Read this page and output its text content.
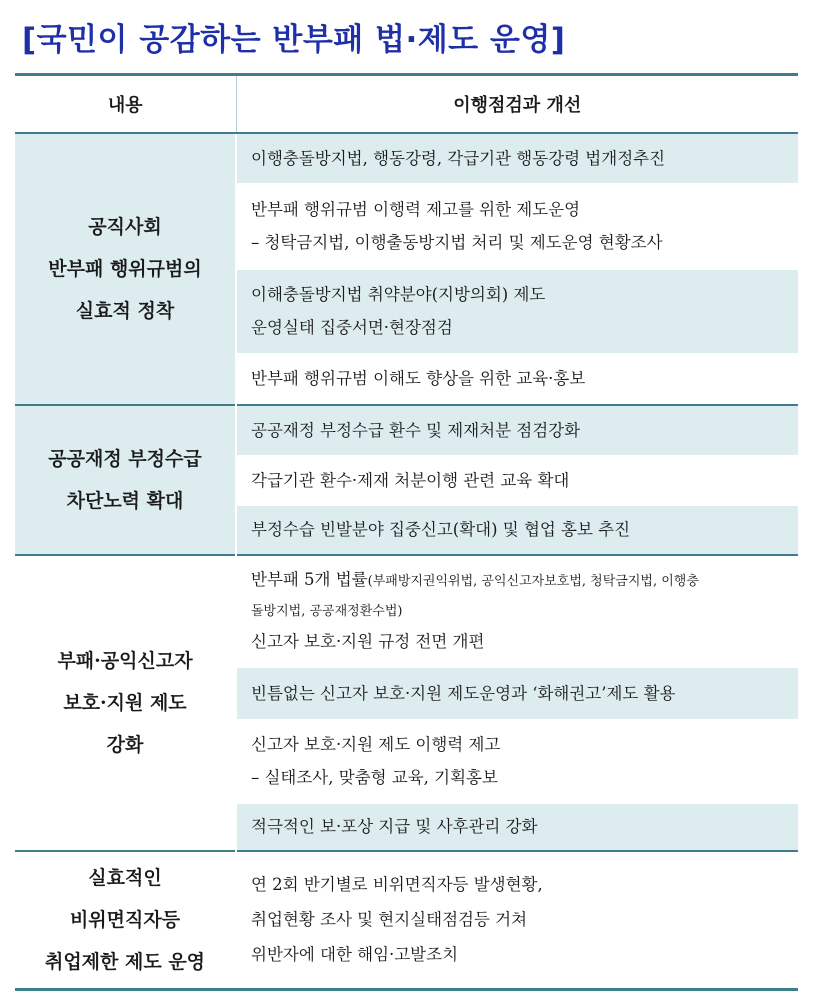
[국민이 공감하는 반부패 법·제도 운영]
내용	이행점검과 개선

공직사회
반부패 행위규범의
실효적 정착	이행충돌방지법, 행동강령, 각급기관 행동강령 법개정추진

	반부패 행위규범 이행력 제고를 위한 제도운영
– 청탁금지법, 이행출동방지법 처리 및 제도운영 현황조사

	이해충돌방지법 취약분야(지방의회) 제도
운영실태 집중서면·현장점검

	반부패 행위규범 이해도 향상을 위한 교육·홍보

공공재정 부정수급
차단노력 확대	공공재정 부정수급 환수 및 제재처분 점검강화

	각급기관 환수·제재 처분이행 관련 교육 확대

	부정수습 빈발분야 집중신고(확대) 및 협업 홍보 추진

부패·공익신고자
보호·지원 제도
강화	반부패 5개 법률(부패방지권익위법, 공익신고자보호법, 청탁금지법, 이행충
돌방지법, 공공재정환수법)
신고자 보호·지원 규정 전면 개편

	빈틈없는 신고자 보호·지원 제도운영과 ‘화해권고’제도 활용

	신고자 보호·지원 제도 이행력 제고
– 실태조사, 맞춤형 교육, 기획홍보

	적극적인 보·포상 지급 및 사후관리 강화

실효적인
비위면직자등
취업제한 제도 운영	연 2회 반기별로 비위면직자등 발생현황,
취업현황 조사 및 현지실태점검등 거쳐
위반자에 대한 해임·고발조치
